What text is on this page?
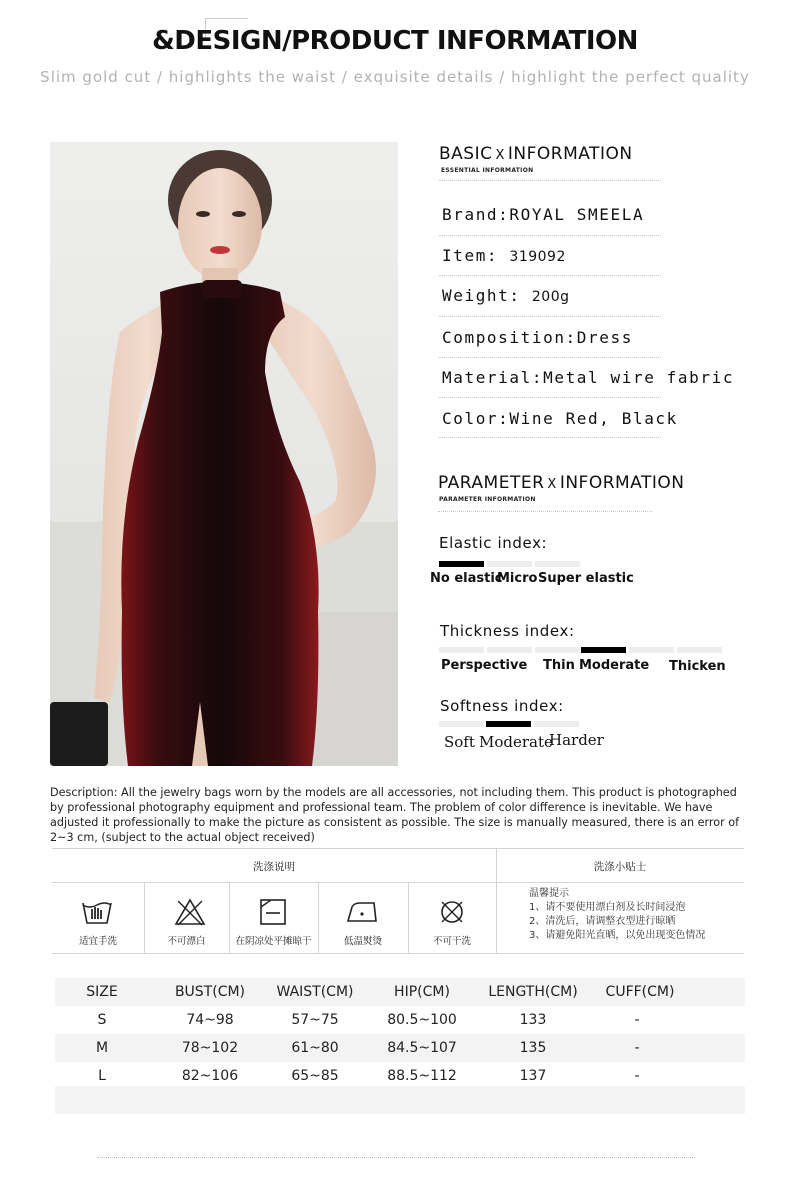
&DESIGN/PRODUCT INFORMATION
Slim gold cut / highlights the waist / exquisite details / highlight the perfect quality
BASIC X INFORMATION
ESSENTIAL INFORMATION
Brand:ROYAL SMEELA
Item: 319092
Weight: 200g
Composition:Dress
Material:Metal wire fabric
Color:Wine Red, Black
PARAMETER X INFORMATION
PARAMETER INFORMATION
Elastic index:
No elastic
Micro Super elastic
Thickness index:
Perspective Thin Moderate Thicken
Softness index:
Soft Moderate
Harder
Description: All the jewelry bags worn by the models are all accessories, not including them. This product is photographed by professional photography equipment and professional team. The problem of color difference is inevitable. We have adjusted it professionally to make the picture as consistent as possible. The size is manually measured, there is an error of 2~3 cm, (subject to the actual object received)
洗涤说明	洗涤小贴士
适宜手洗	不可漂白	在阴凉处平摊晾干	低温熨烫	不可干洗
温馨提示
1、请不要使用漂白剂及长时间浸泡
2、清洗后，请调整衣型进行晾晒
3、请避免阳光直晒，以免出现变色情况
SIZE	BUST(CM)	WAIST(CM)	HIP(CM)	LENGTH(CM)	CUFF(CM)
S	74~98	57~75	80.5~100	133	-
M	78~102	61~80	84.5~107	135	-
L	82~106	65~85	88.5~112	137	-
